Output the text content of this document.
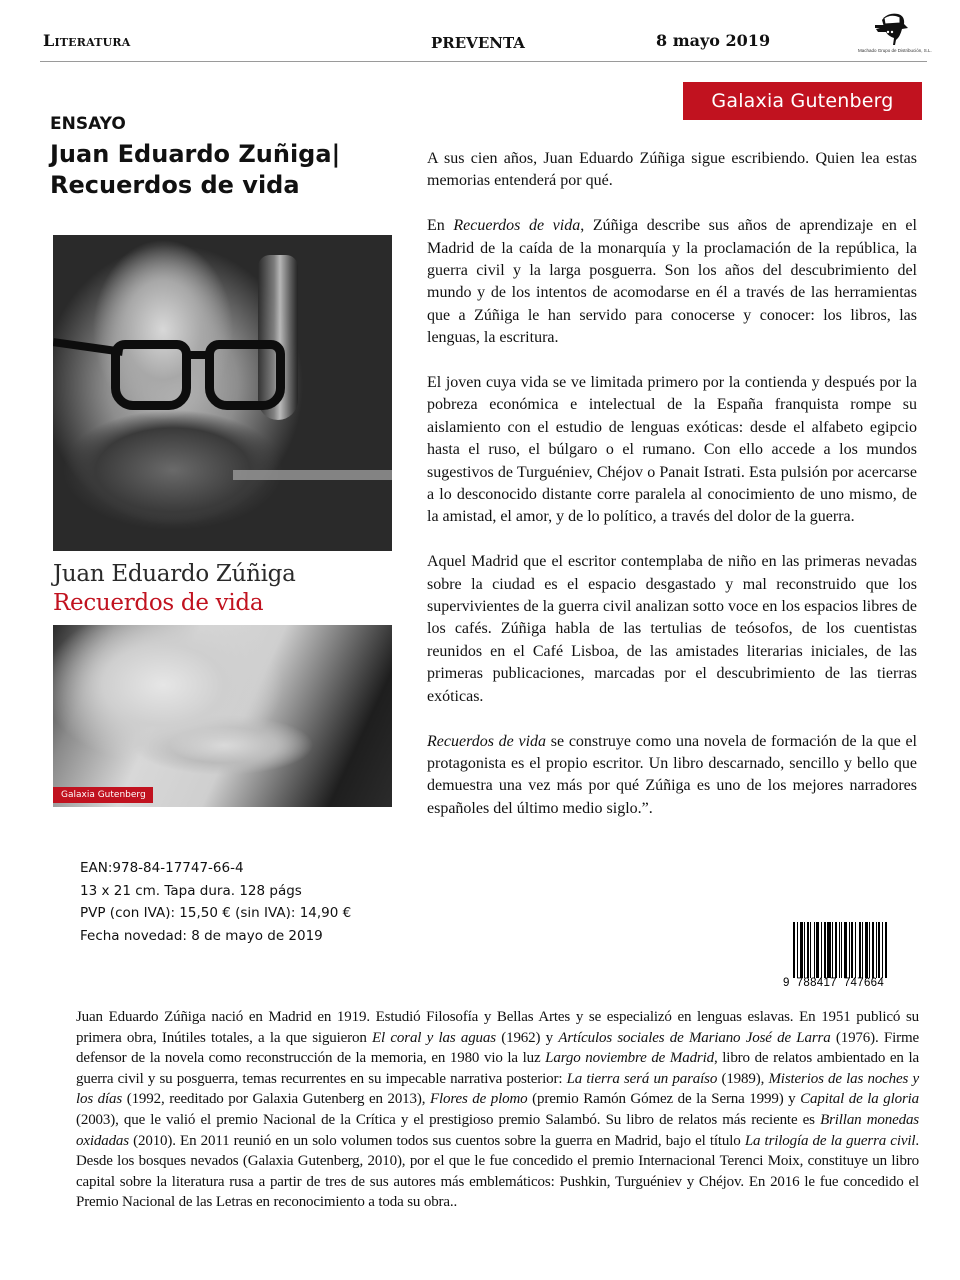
Literatura	PREVENTA	8 mayo 2019
Machado Grupo de Distribución, S.L.
Galaxia Gutenberg
ENSAYO
Juan Eduardo Zuñiga|
Recuerdos de vida
Juan Eduardo Zúñiga
Recuerdos de vida
Galaxia Gutenberg
EAN:978-84-17747-66-4
13 x 21 cm. Tapa dura. 128 págs
PVP (con IVA): 15,50 € (sin IVA): 14,90 €
Fecha novedad: 8 de mayo de 2019

A sus cien años, Juan Eduardo Zúñiga sigue escribiendo. Quien lea estas memorias entenderá por qué.

En Recuerdos de vida, Zúñiga describe sus años de aprendizaje en el Madrid de la caída de la monarquía y la proclamación de la república, la guerra civil y la larga posguerra. Son los años del descubrimiento del mundo y de los intentos de acomodarse en él a través de las herramientas que a Zúñiga le han servido para conocerse y conocer: los libros, las lenguas, la escritura.

El joven cuya vida se ve limitada primero por la contienda y después por la pobreza económica e intelectual de la España franquista rompe su aislamiento con el estudio de lenguas exóticas: desde el alfabeto egipcio hasta el ruso, el búlgaro o el rumano. Con ello accede a los mundos sugestivos de Turguéniev, Chéjov o Panait Istrati. Esta pulsión por acercarse a lo desconocido distante corre paralela al conocimiento de uno mismo, de la amistad, el amor, y de lo político, a través del dolor de la guerra.

Aquel Madrid que el escritor contemplaba de niño en las primeras nevadas sobre la ciudad es el espacio desgastado y mal reconstruido que los supervivientes de la guerra civil analizan sotto voce en los espacios libres de los cafés. Zúñiga habla de las tertulias de teósofos, de los cuentistas reunidos en el Café Lisboa, de las amistades literarias iniciales, de las primeras publicaciones, marcadas por el descubrimiento de las tierras exóticas.

Recuerdos de vida se construye como una novela de formación de la que el protagonista es el propio escritor. Un libro descarnado, sencillo y bello que demuestra una vez más por qué Zúñiga es uno de los mejores narradores españoles del último medio siglo.”.

9  788417  747664
Juan Eduardo Zúñiga nació en Madrid en 1919. Estudió Filosofía y Bellas Artes y se especializó en lenguas eslavas. En 1951 publicó su primera obra, Inútiles totales, a la que siguieron El coral y las aguas (1962) y Artículos sociales de Mariano José de Larra (1976). Firme defensor de la novela como reconstrucción de la memoria, en 1980 vio la luz Largo noviembre de Madrid, libro de relatos ambientado en la guerra civil y su posguerra, temas recurrentes en su impecable narrativa posterior: La tierra será un paraíso (1989), Misterios de las noches y los días (1992, reeditado por Galaxia Gutenberg en 2013), Flores de plomo (premio Ramón Gómez de la Serna 1999) y Capital de la gloria (2003), que le valió el premio Nacional de la Crítica y el prestigioso premio Salambó. Su libro de relatos más reciente es Brillan monedas oxidadas (2010). En 2011 reunió en un solo volumen todos sus cuentos sobre la guerra en Madrid, bajo el título La trilogía de la guerra civil. Desde los bosques nevados (Galaxia Gutenberg, 2010), por el que le fue concedido el premio Internacional Terenci Moix, constituye un libro capital sobre la literatura rusa a partir de tres de sus autores más emblemáticos: Pushkin, Turguéniev y Chéjov. En 2016 le fue concedido el Premio Nacional de las Letras en reconocimiento a toda su obra..
